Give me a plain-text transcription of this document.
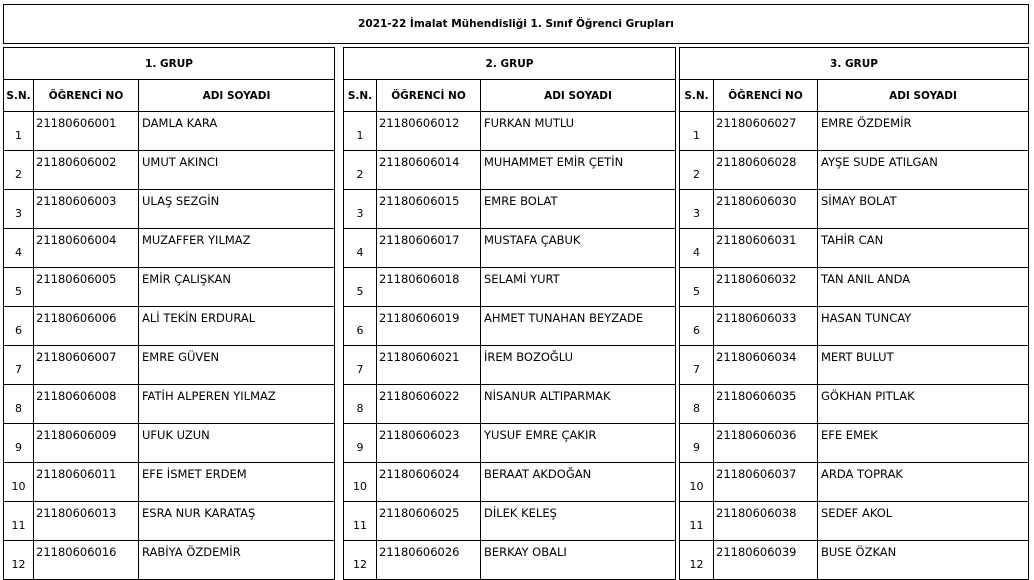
2021-22 İmalat Mühendisliği 1. Sınıf Öğrenci Grupları
1. GRUP		
S.N.	ÖĞRENCİ NO	ADI SOYADI
1	21180606001	DAMLA KARA
2	21180606002	UMUT AKINCI
3	21180606003	ULAŞ SEZGİN
4	21180606004	MUZAFFER YILMAZ
5	21180606005	EMİR ÇALIŞKAN
6	21180606006	ALİ TEKİN ERDURAL
7	21180606007	EMRE GÜVEN
8	21180606008	FATİH ALPEREN YILMAZ
9	21180606009	UFUK UZUN
10	21180606011	EFE İSMET ERDEM
11	21180606013	ESRA NUR KARATAŞ
12	21180606016	RABİYA ÖZDEMİR
2. GRUP		
S.N.	ÖĞRENCİ NO	ADI SOYADI
1	21180606012	FURKAN MUTLU
2	21180606014	MUHAMMET EMİR ÇETİN
3	21180606015	EMRE BOLAT
4	21180606017	MUSTAFA ÇABUK
5	21180606018	SELAMİ YURT
6	21180606019	AHMET TUNAHAN BEYZADE
7	21180606021	İREM BOZOĞLU
8	21180606022	NİSANUR ALTIPARMAK
9	21180606023	YUSUF EMRE ÇAKIR
10	21180606024	BERAAT AKDOĞAN
11	21180606025	DİLEK KELEŞ
12	21180606026	BERKAY OBALI
3. GRUP		
S.N.	ÖĞRENCİ NO	ADI SOYADI
1	21180606027	EMRE ÖZDEMİR
2	21180606028	AYŞE SUDE ATILGAN
3	21180606030	SİMAY BOLAT
4	21180606031	TAHİR CAN
5	21180606032	TAN ANIL ANDA
6	21180606033	HASAN TUNCAY
7	21180606034	MERT BULUT
8	21180606035	GÖKHAN PITLAK
9	21180606036	EFE EMEK
10	21180606037	ARDA TOPRAK
11	21180606038	SEDEF AKOL
12	21180606039	BUSE ÖZKAN
